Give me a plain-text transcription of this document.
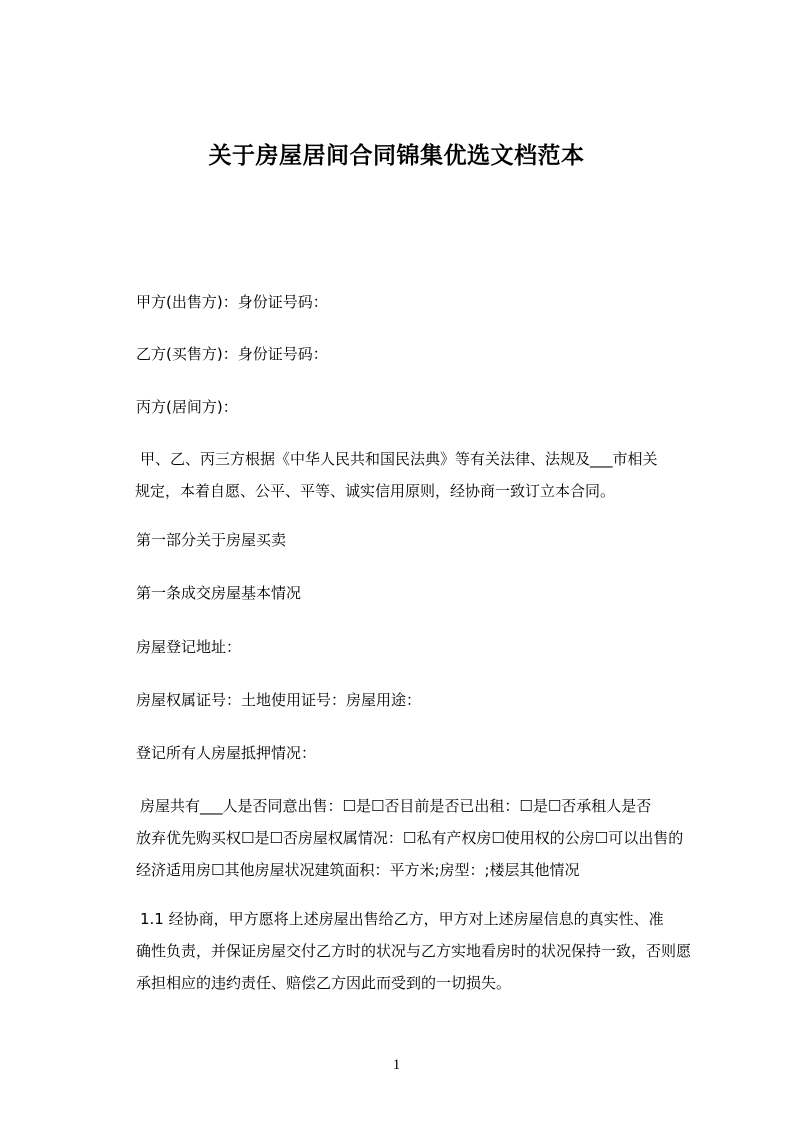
关于房屋居间合同锦集优选文档范本
甲方(出售方)：身份证号码：
乙方(买售方)：身份证号码：
丙方(居间方)：
甲、乙、丙三方根据《中华人民共和国民法典》等有关法律、法规及___市相关
规定，本着自愿、公平、平等、诚实信用原则，经协商一致订立本合同。
第一部分关于房屋买卖
第一条成交房屋基本情况
房屋登记地址：
房屋权属证号：土地使用证号：房屋用途：
登记所有人房屋抵押情况：
房屋共有___人是否同意出售：☐是☐否目前是否已出租：☐是☐否承租人是否
放弃优先购买权☐是☐否房屋权属情况：☐私有产权房☐使用权的公房☐可以出售的
经济适用房☐其他房屋状况建筑面积：平方米;房型：;楼层其他情况
1.1 经协商，甲方愿将上述房屋出售给乙方，甲方对上述房屋信息的真实性、准
确性负责，并保证房屋交付乙方时的状况与乙方实地看房时的状况保持一致，否则愿
承担相应的违约责任、赔偿乙方因此而受到的一切损失。
1
